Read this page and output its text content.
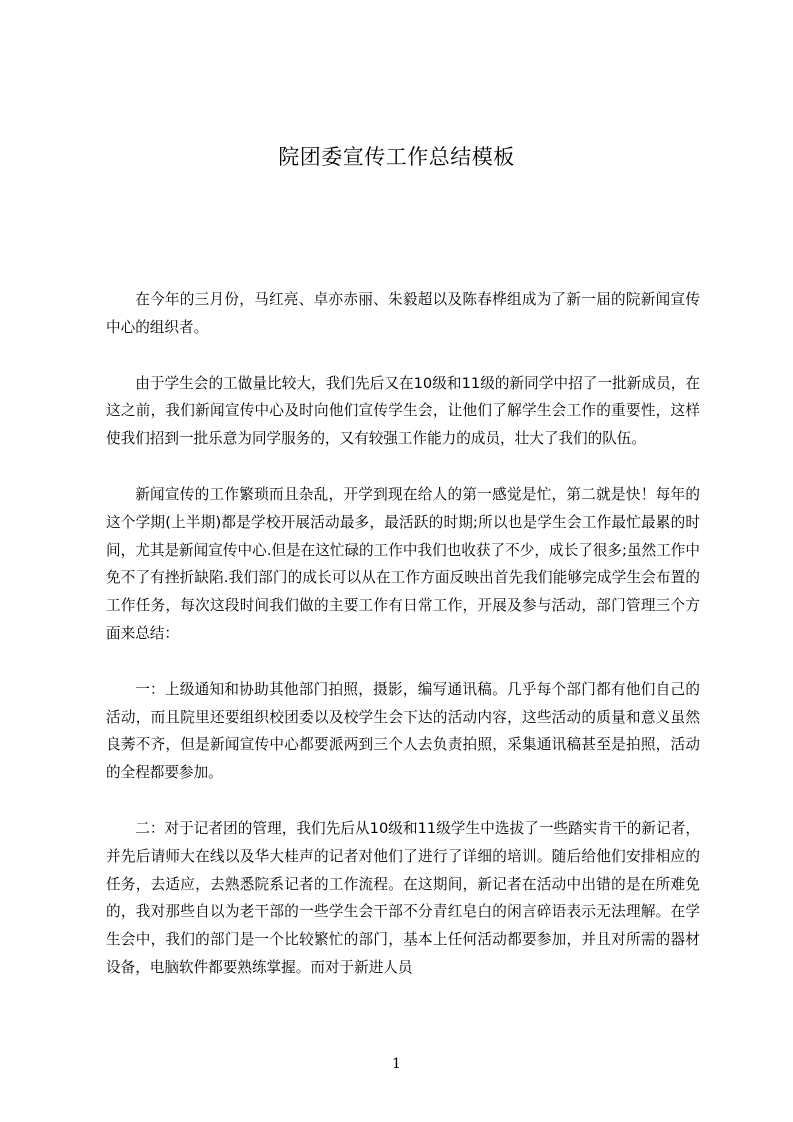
院团委宣传工作总结模板

在今年的三月份，马红亮、卓亦赤丽、朱毅超以及陈春桦组成为了新一届的院新闻宣传中心的组织者。

由于学生会的工做量比较大，我们先后又在10级和11级的新同学中招了一批新成员，在这之前，我们新闻宣传中心及时向他们宣传学生会，让他们了解学生会工作的重要性，这样使我们招到一批乐意为同学服务的，又有较强工作能力的成员，壮大了我们的队伍。

新闻宣传的工作繁琐而且杂乱，开学到现在给人的第一感觉是忙，第二就是快！每年的这个学期(上半期)都是学校开展活动最多，最活跃的时期;所以也是学生会工作最忙最累的时间，尤其是新闻宣传中心.但是在这忙碌的工作中我们也收获了不少，成长了很多;虽然工作中免不了有挫折缺陷.我们部门的成长可以从在工作方面反映出首先我们能够完成学生会布置的工作任务，每次这段时间我们做的主要工作有日常工作，开展及参与活动，部门管理三个方面来总结：

一：上级通知和协助其他部门拍照，摄影，编写通讯稿。几乎每个部门都有他们自己的活动，而且院里还要组织校团委以及校学生会下达的活动内容，这些活动的质量和意义虽然良莠不齐，但是新闻宣传中心都要派两到三个人去负责拍照，采集通讯稿甚至是拍照，活动的全程都要参加。

二：对于记者团的管理，我们先后从10级和11级学生中选拔了一些踏实肯干的新记者，并先后请师大在线以及华大桂声的记者对他们了进行了详细的培训。随后给他们安排相应的任务，去适应，去熟悉院系记者的工作流程。在这期间，新记者在活动中出错的是在所难免的，我对那些自以为老干部的一些学生会干部不分青红皂白的闲言碎语表示无法理解。在学生会中，我们的部门是一个比较繁忙的部门，基本上任何活动都要参加，并且对所需的器材设备，电脑软件都要熟练掌握。而对于新进人员

1
